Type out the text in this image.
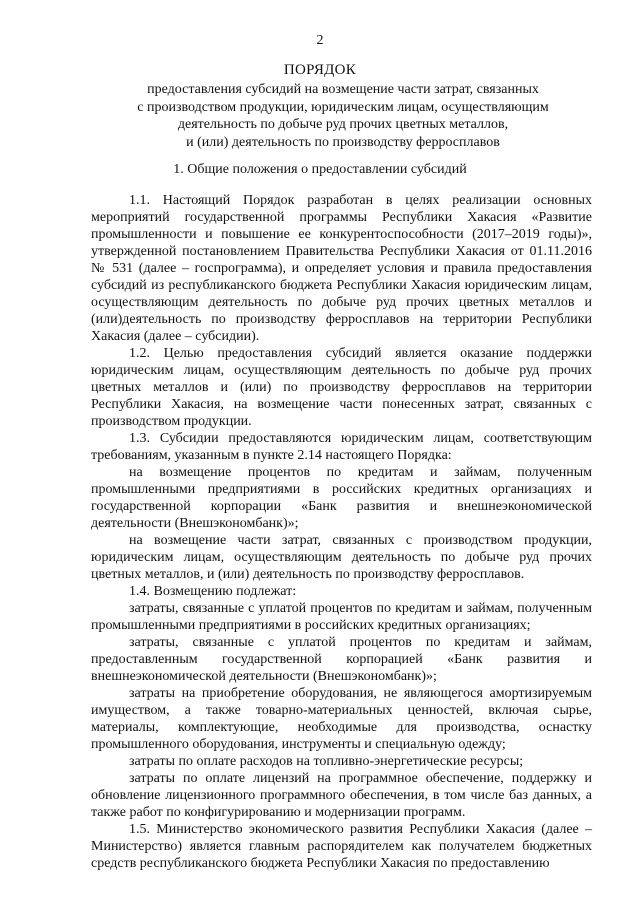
2
ПОРЯДОК
предоставления субсидий на возмещение части затрат, связанных
с производством продукции, юридическим лицам, осуществляющим
деятельность по добыче руд прочих цветных металлов,
и (или) деятельность по производству ферросплавов
1. Общие положения о предоставлении субсидий

1.1. Настоящий Порядок разработан в целях реализации основных мероприятий государственной программы Республики Хакасия «Развитие промышленности и повышение ее конкурентоспособности (2017–2019 годы)», утвержденной постановлением Правительства Республики Хакасия от 01.11.2016 № 531 (далее – госпрограмма), и определяет условия и правила предоставления субсидий из республиканского бюджета Республики Хакасия юридическим лицам, осуществляющим деятельность по добыче руд прочих цветных металлов и (или)деятельность по производству ферросплавов на территории Республики Хакасия (далее – субсидии).

1.2. Целью предоставления субсидий является оказание поддержки юридическим лицам, осуществляющим деятельность по добыче руд прочих цветных металлов и (или) по производству ферросплавов на территории Республики Хакасия, на возмещение части понесенных затрат, связанных с производством продукции.

1.3. Субсидии предоставляются юридическим лицам, соответствующим требованиям, указанным в пункте 2.14 настоящего Порядка:

на возмещение процентов по кредитам и займам, полученным промышленными предприятиями в российских кредитных организациях и государственной корпорации «Банк развития и внешнеэкономической деятельности (Внешэкономбанк)»;

на возмещение части затрат, связанных с производством продукции, юридическим лицам, осуществляющим деятельность по добыче руд прочих цветных металлов, и (или) деятельность по производству ферросплавов.

1.4. Возмещению подлежат:

затраты, связанные с уплатой процентов по кредитам и займам, полученным промышленными предприятиями в российских кредитных организациях;

затраты, связанные с уплатой процентов по кредитам и займам, предоставленным государственной корпорацией «Банк развития и внешнеэкономической деятельности (Внешэкономбанк)»;

затраты на приобретение оборудования, не являющегося амортизируемым имуществом, а также товарно-материальных ценностей, включая сырье, материалы, комплектующие, необходимые для производства, оснастку промышленного оборудования, инструменты и специальную одежду;

затраты по оплате расходов на топливно-энергетические ресурсы;

затраты по оплате лицензий на программное обеспечение, поддержку и обновление лицензионного программного обеспечения, в том числе баз данных, а также работ по конфигурированию и модернизации программ.

1.5. Министерство экономического развития Республики Хакасия (далее – Министерство) является главным распорядителем как получателем бюджетных средств республиканского бюджета Республики Хакасия по предоставлению
